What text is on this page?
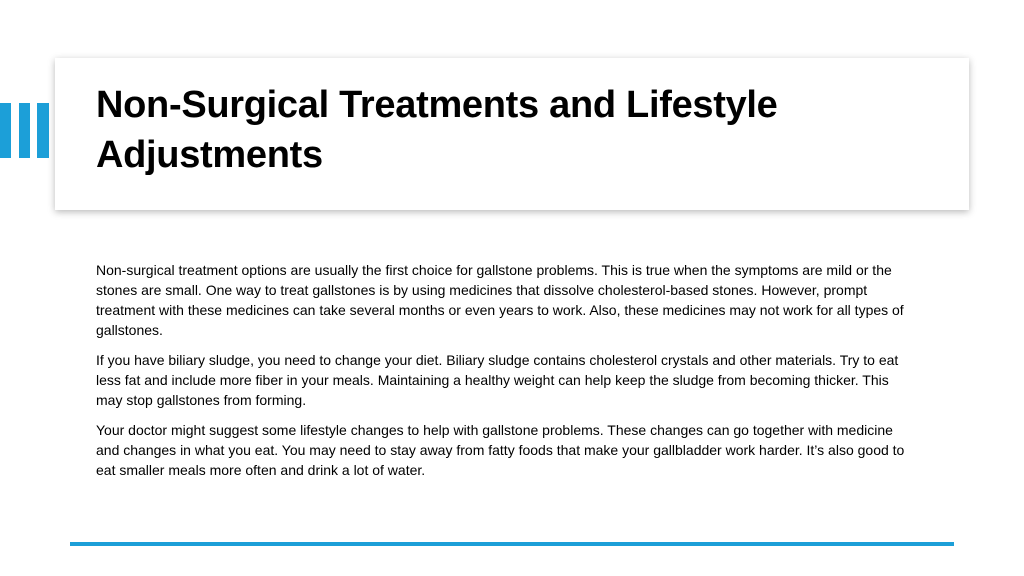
Non-Surgical Treatments and Lifestyle Adjustments

Non-surgical treatment options are usually the first choice for gallstone problems. This is true when the symptoms are mild or the stones are small. One way to treat gallstones is by using medicines that dissolve cholesterol-based stones. However, prompt treatment with these medicines can take several months or even years to work. Also, these medicines may not work for all types of gallstones.

If you have biliary sludge, you need to change your diet. Biliary sludge contains cholesterol crystals and other materials. Try to eat less fat and include more fiber in your meals. Maintaining a healthy weight can help keep the sludge from becoming thicker. This may stop gallstones from forming.

Your doctor might suggest some lifestyle changes to help with gallstone problems. These changes can go together with medicine and changes in what you eat. You may need to stay away from fatty foods that make your gallbladder work harder. It’s also good to eat smaller meals more often and drink a lot of water.
